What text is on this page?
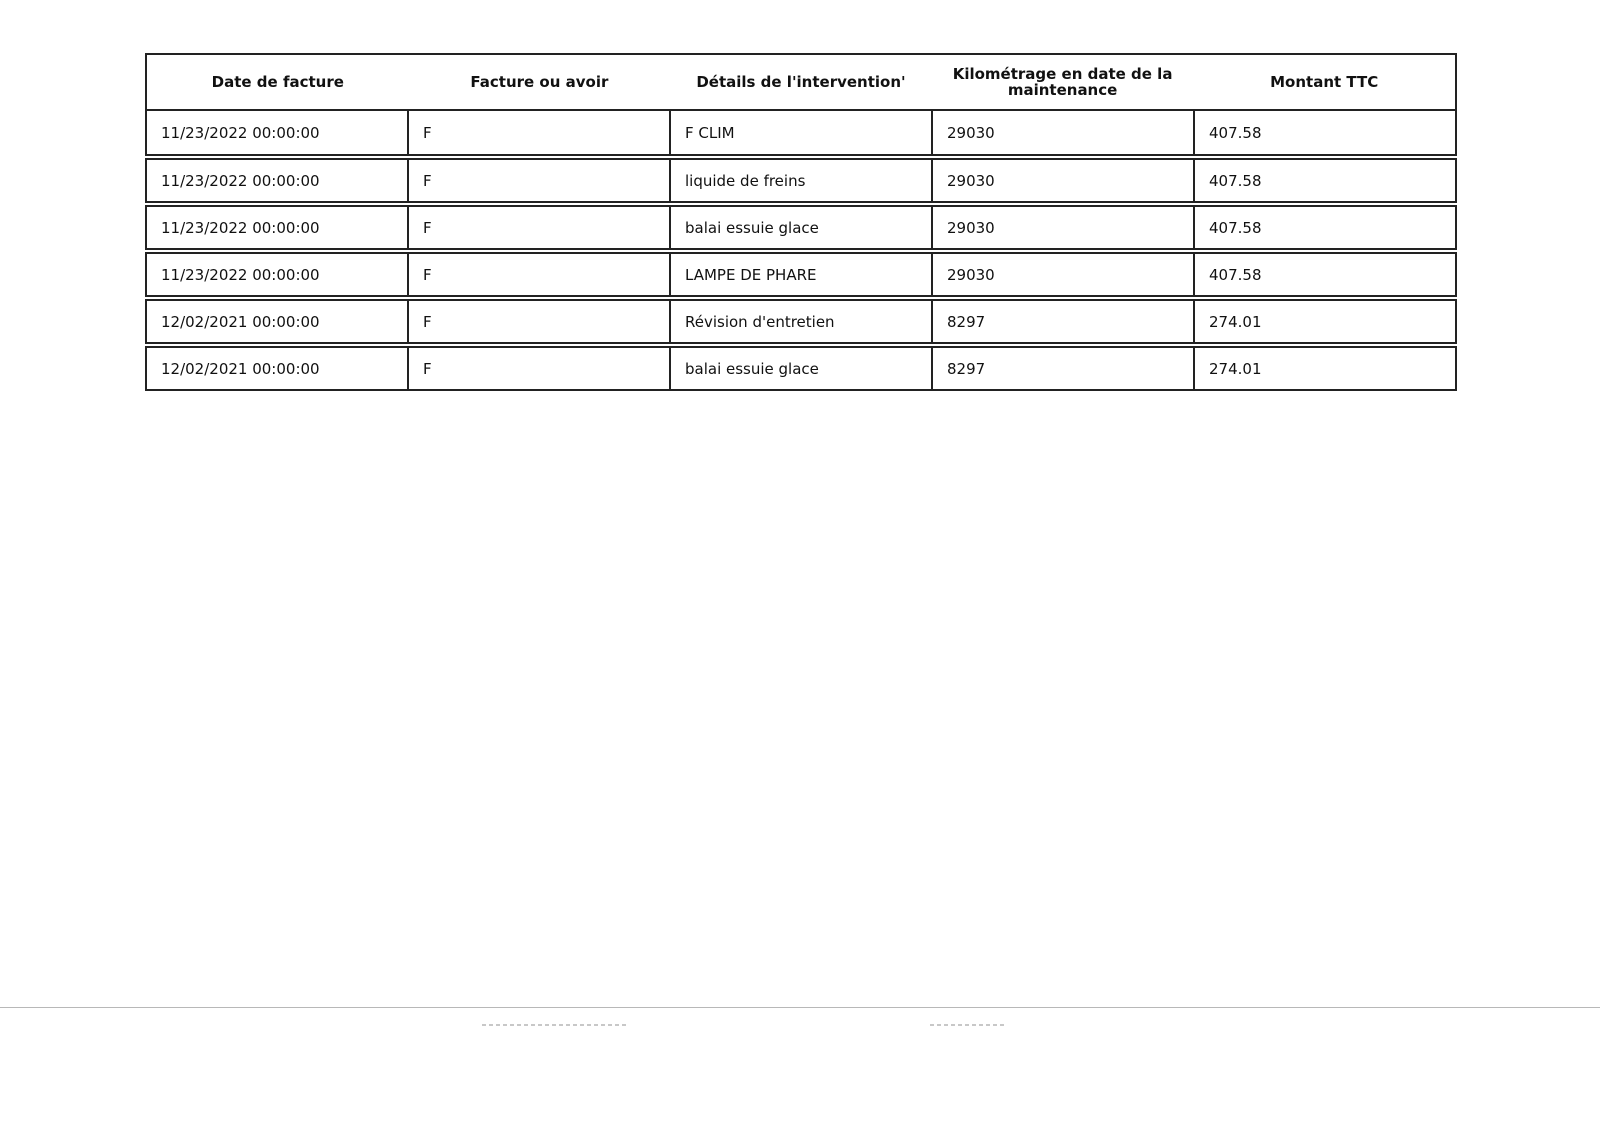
Date de facture	Facture ou avoir	Détails de l'intervention'	Kilométrage en date de la maintenance	Montant TTC
11/23/2022 00:00:00	F	F CLIM	29030	407.58
11/23/2022 00:00:00	F	liquide de freins	29030	407.58
11/23/2022 00:00:00	F	balai essuie glace	29030	407.58
11/23/2022 00:00:00	F	LAMPE DE PHARE	29030	407.58
12/02/2021 00:00:00	F	Révision d'entretien	8297	274.01
12/02/2021 00:00:00	F	balai essuie glace	8297	274.01
